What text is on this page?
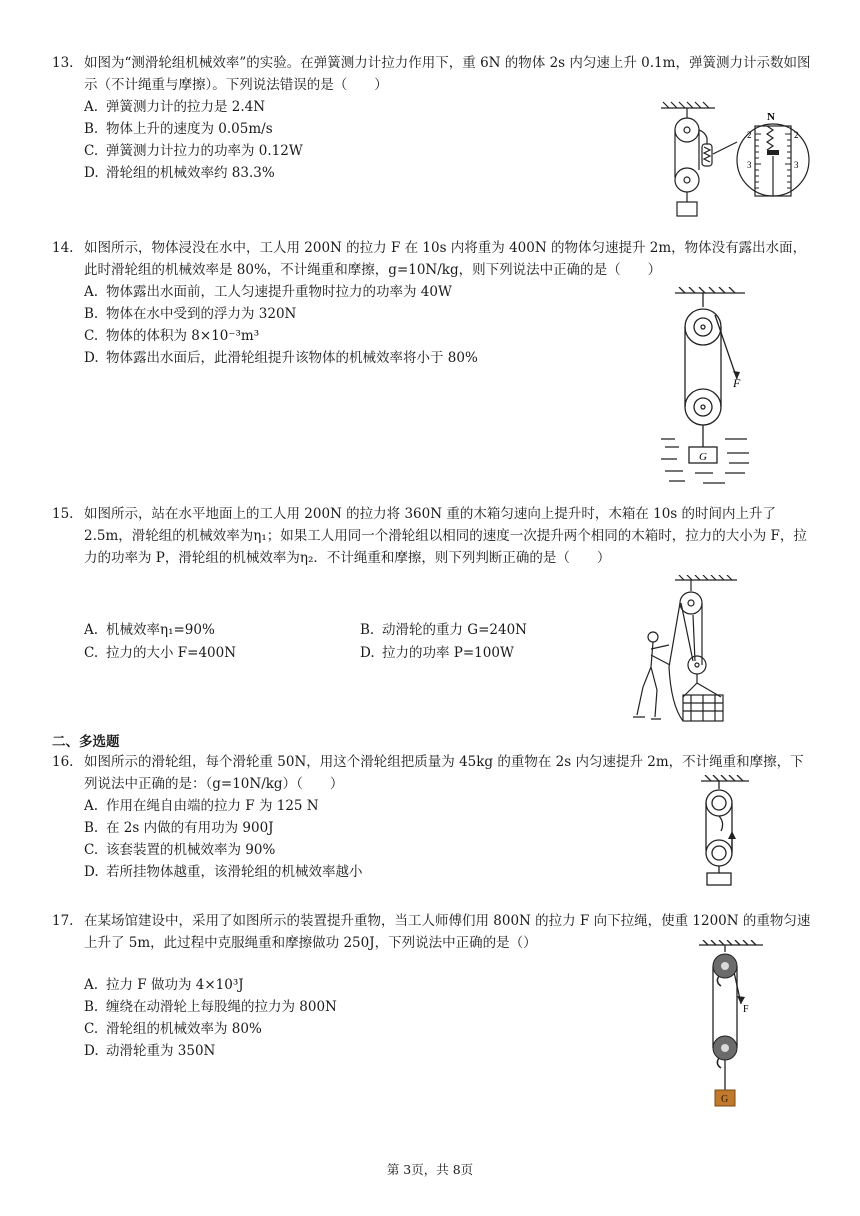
13. 如图为“测滑轮组机械效率”的实验。在弹簧测力计拉力作用下，重 6N 的物体 2s 内匀速上升 0.1m，弹簧测力计示数如图示（不计绳重与摩擦）。下列说法错误的是（　　）

A. 弹簧测力计的拉力是 2.4N

B. 物体上升的速度为 0.05m/s

C. 弹簧测力计拉力的功率为 0.12W

D. 滑轮组的机械效率约 83.3%

N
2	2
3	3

14. 如图所示，物体浸没在水中，工人用 200N 的拉力 F 在 10s 内将重为 400N 的物体匀速提升 2m，物体没有露出水面，此时滑轮组的机械效率是 80%，不计绳重和摩擦，g=10N/kg，则下列说法中正确的是（　　）

A. 物体露出水面前，工人匀速提升重物时拉力的功率为 40W

B. 物体在水中受到的浮力为 320N

C. 物体的体积为 8×10⁻³m³

D. 物体露出水面后，此滑轮组提升该物体的机械效率将小于 80%

F
G

15. 如图所示，站在水平地面上的工人用 200N 的拉力将 360N 重的木箱匀速向上提升时，木箱在 10s 的时间内上升了 2.5m，滑轮组的机械效率为η₁；如果工人用同一个滑轮组以相同的速度一次提升两个相同的木箱时，拉力的大小为 F，拉力的功率为 P，滑轮组的机械效率为η₂．不计绳重和摩擦，则下列判断正确的是（　　）

A. 机械效率η₁=90%	B. 动滑轮的重力 G=240N
C. 拉力的大小 F=400N	D. 拉力的功率 P=100W
二、多选题

16. 如图所示的滑轮组，每个滑轮重 50N，用这个滑轮组把质量为 45kg 的重物在 2s 内匀速提升 2m，不计绳重和摩擦，下列说法中正确的是：（g=10N/kg）（　　）

A. 作用在绳自由端的拉力 F 为 125 N

B. 在 2s 内做的有用功为 900J

C. 该套装置的机械效率为 90%

D. 若所挂物体越重，该滑轮组的机械效率越小

17. 在某场馆建设中，采用了如图所示的装置提升重物，当工人师傅们用 800N 的拉力 F 向下拉绳，使重 1200N 的重物匀速上升了 5m，此过程中克服绳重和摩擦做功 250J，下列说法中正确的是（）

A. 拉力 F 做功为 4×10³J

B. 缠绕在动滑轮上每股绳的拉力为 800N

C. 滑轮组的机械效率为 80%

D. 动滑轮重为 350N

F
G
第 3页，共 8页
